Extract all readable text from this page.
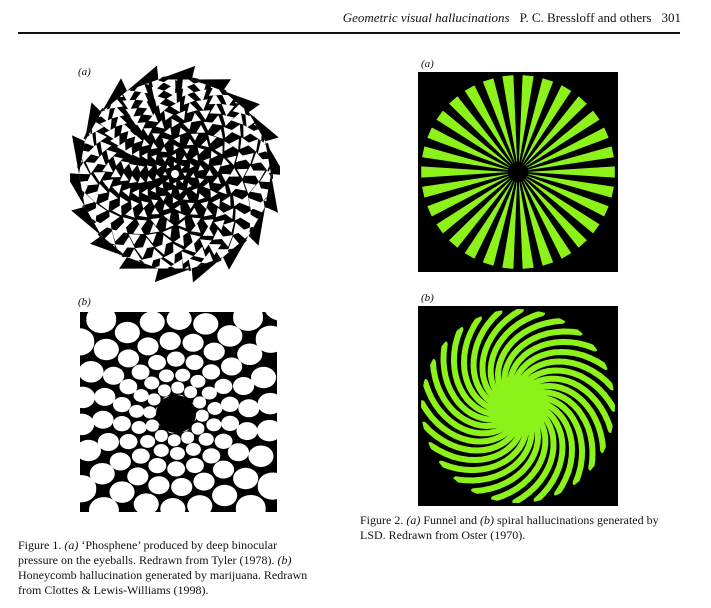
Geometric visual hallucinations P. C. Bressloff and others 301
(a)
(b)
(a)
(b)
Figure 2. (a) Funnel and (b) spiral hallucinations generated by LSD. Redrawn from Oster (1970).
Figure 1. (a) ‘Phosphene’ produced by deep binocular pressure on the eyeballs. Redrawn from Tyler (1978). (b) Honeycomb hallucination generated by marijuana. Redrawn from Clottes & Lewis-Williams (1998).
